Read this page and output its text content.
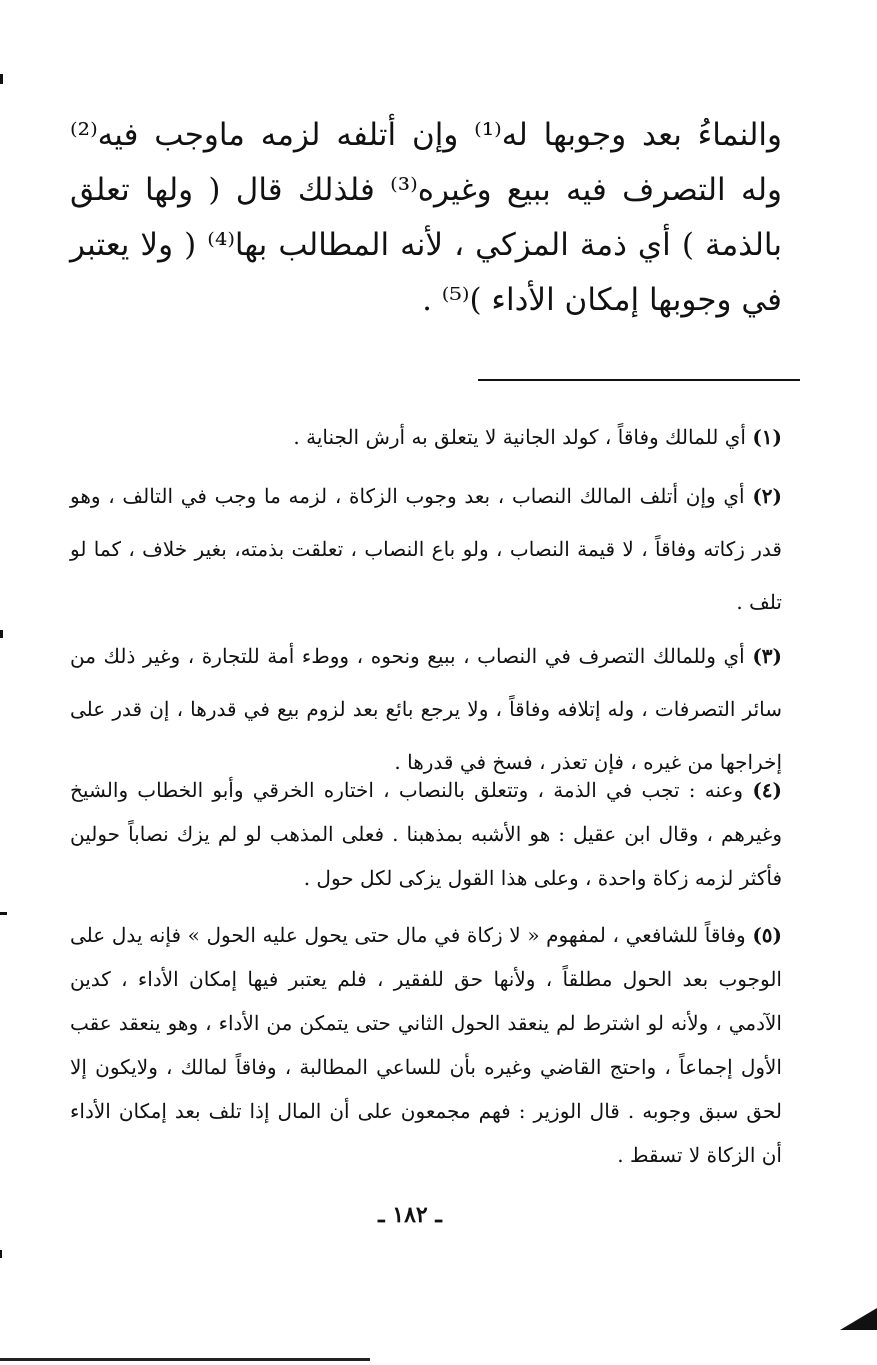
والنماءُ بعد وجوبها له⁽¹⁾ وإن أتلفه لزمه ماوجب فيه⁽²⁾ وله التصرف فيه ببيع وغيره⁽³⁾ فلذلك قال ( ولها تعلق بالذمة ) أي ذمة المزكي ، لأنه المطالب بها⁽⁴⁾ ( ولا يعتبر في وجوبها إمكان الأداء )⁽⁵⁾ .

(١) أي للمالك وفاقاً ، كولد الجانية لا يتعلق به أرش الجناية .

(٢) أي وإن أتلف المالك النصاب ، بعد وجوب الزكاة ، لزمه ما وجب في التالف ، وهو قدر زكاته وفاقاً ، لا قيمة النصاب ، ولو باع النصاب ، تعلقت بذمته، بغير خلاف ، كما لو تلف .

(٣) أي وللمالك التصرف في النصاب ، ببيع ونحوه ، ووطء أمة للتجارة ، وغير ذلك من سائر التصرفات ، وله إتلافه وفاقاً ، ولا يرجع بائع بعد لزوم بيع في قدرها ، إن قدر على إخراجها من غيره ، فإن تعذر ، فسخ في قدرها .

(٤) وعنه : تجب في الذمة ، وتتعلق بالنصاب ، اختاره الخرقي وأبو الخطاب والشيخ وغيرهم ، وقال ابن عقيل : هو الأشبه بمذهبنا . فعلى المذهب لو لم يزك نصاباً حولين فأكثر لزمه زكاة واحدة ، وعلى هذا القول يزكى لكل حول .

(٥) وفاقاً للشافعي ، لمفهوم « لا زكاة في مال حتى يحول عليه الحول » فإنه يدل على الوجوب بعد الحول مطلقاً ، ولأنها حق للفقير ، فلم يعتبر فيها إمكان الأداء ، كدين الآدمي ، ولأنه لو اشترط لم ينعقد الحول الثاني حتى يتمكن من الأداء ، وهو ينعقد عقب الأول إجماعاً ، واحتج القاضي وغيره بأن للساعي المطالبة ، وفاقاً لمالك ، ولايكون إلا لحق سبق وجوبه . قال الوزير : فهم مجمعون على أن المال إذا تلف بعد إمكان الأداء أن الزكاة لا تسقط .

ـ ١٨٢ ـ
